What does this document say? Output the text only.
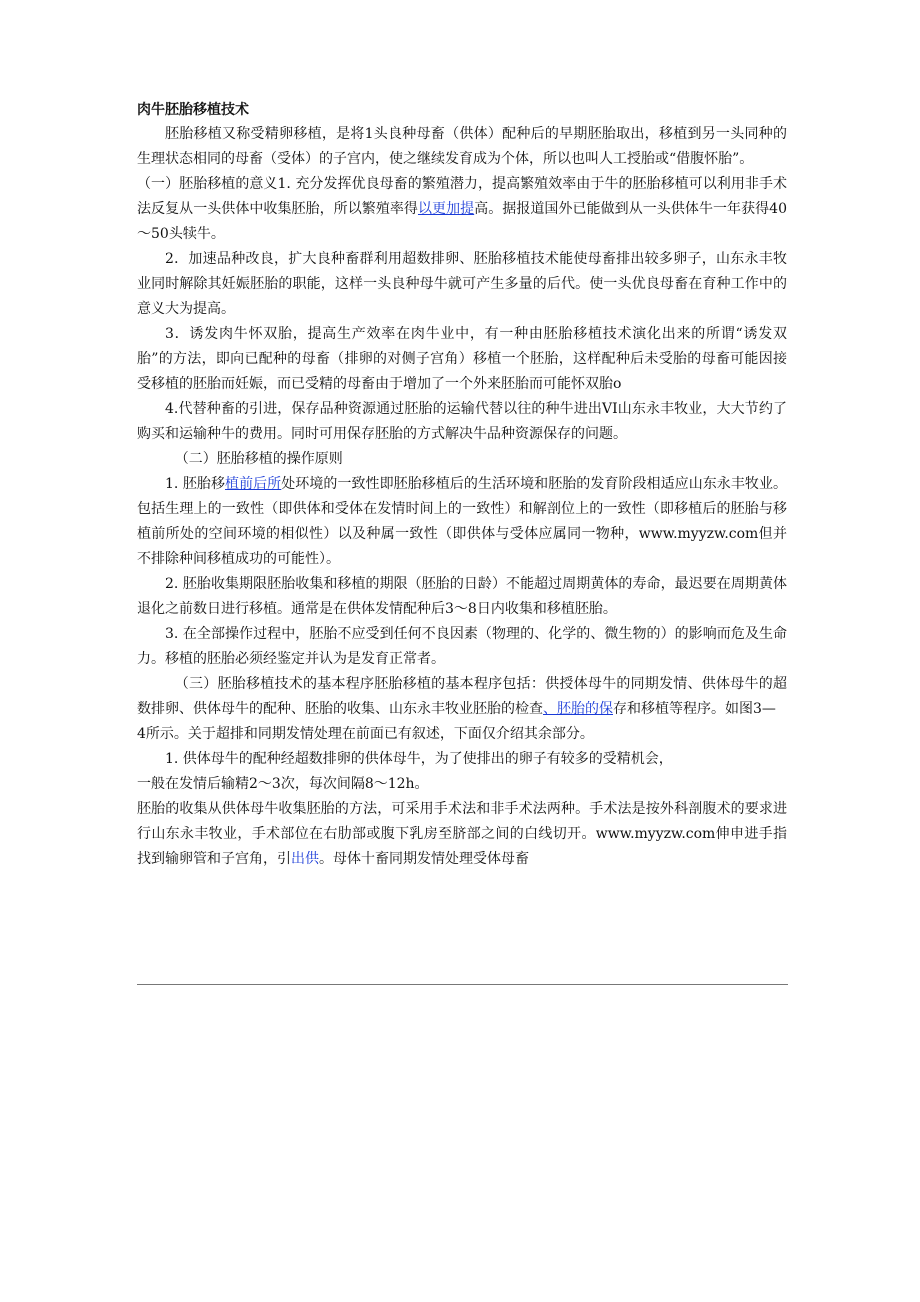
肉牛胚胎移植技术

胚胎移植又称受精卵移植，是将1头良种母畜（供体）配种后的早期胚胎取出，移植到另一头同种的生理状态相同的母畜（受体）的子宫内，使之继续发育成为个体，所以也叫人工授胎或“借腹怀胎”。

（一）胚胎移植的意义1. 充分发挥优良母畜的繁殖潜力，提高繁殖效率由于牛的胚胎移植可以利用非手术法反复从一头供体中收集胚胎，所以繁殖率得以更加提高。据报道国外已能做到从一头供体牛一年获得40～50头犊牛。

2．加速品种改良，扩大良种畜群利用超数排卵、胚胎移植技术能使母畜排出较多卵子，山东永丰牧业同时解除其妊娠胚胎的职能，这样一头良种母牛就可产生多量的后代。使一头优良母畜在育种工作中的意义大为提高。

3．诱发肉牛怀双胎，提高生产效率在肉牛业中，有一种由胚胎移植技术演化出来的所谓“诱发双胎”的方法，即向已配种的母畜（排卵的对侧子宫角）移植一个胚胎，这样配种后未受胎的母畜可能因接受移植的胚胎而妊娠，而已受精的母畜由于增加了一个外来胚胎而可能怀双胎o

4.代替种畜的引进，保存品种资源通过胚胎的运输代替以往的种牛进出VI山东永丰牧业，大大节约了购买和运输种牛的费用。同时可用保存胚胎的方式解决牛品种资源保存的问题。

（二）胚胎移植的操作原则

1. 胚胎移植前后所处环境的一致性即胚胎移植后的生活环境和胚胎的发育阶段相适应山东永丰牧业。包括生理上的一致性（即供体和受体在发情时间上的一致性）和解剖位上的一致性（即移植后的胚胎与移植前所处的空间环境的相似性）以及种属一致性（即供体与受体应属同一物种，www.myyzw.com但并不排除种间移植成功的可能性）。

2. 胚胎收集期限胚胎收集和移植的期限（胚胎的日龄）不能超过周期黄体的寿命，最迟要在周期黄体退化之前数日进行移植。通常是在供体发情配种后3～8日内收集和移植胚胎。

3. 在全部操作过程中，胚胎不应受到任何不良因素（物理的、化学的、微生物的）的影响而危及生命力。移植的胚胎必须经鉴定并认为是发育正常者。

（三）胚胎移植技术的基本程序胚胎移植的基本程序包括：供授体母牛的同期发情、供体母牛的超数排卵、供体母牛的配种、胚胎的收集、山东永丰牧业胚胎的检查、胚胎的保存和移植等程序。如图3—

4所示。关于超排和同期发情处理在前面已有叙述，下面仅介绍其余部分。

1. 供体母牛的配种经超数排卵的供体母牛，为了使排出的卵子有较多的受精机会，

一般在发情后输精2～3次，每次间隔8～12h。

胚胎的收集从供体母牛收集胚胎的方法，可采用手术法和非手术法两种。手术法是按外科剖腹术的要求进行山东永丰牧业，手术部位在右肋部或腹下乳房至脐部之间的白线切开。www.myyzw.com伸申进手指找到输卵管和子宫角，引出供。母体十畜同期发情处理受体母畜
